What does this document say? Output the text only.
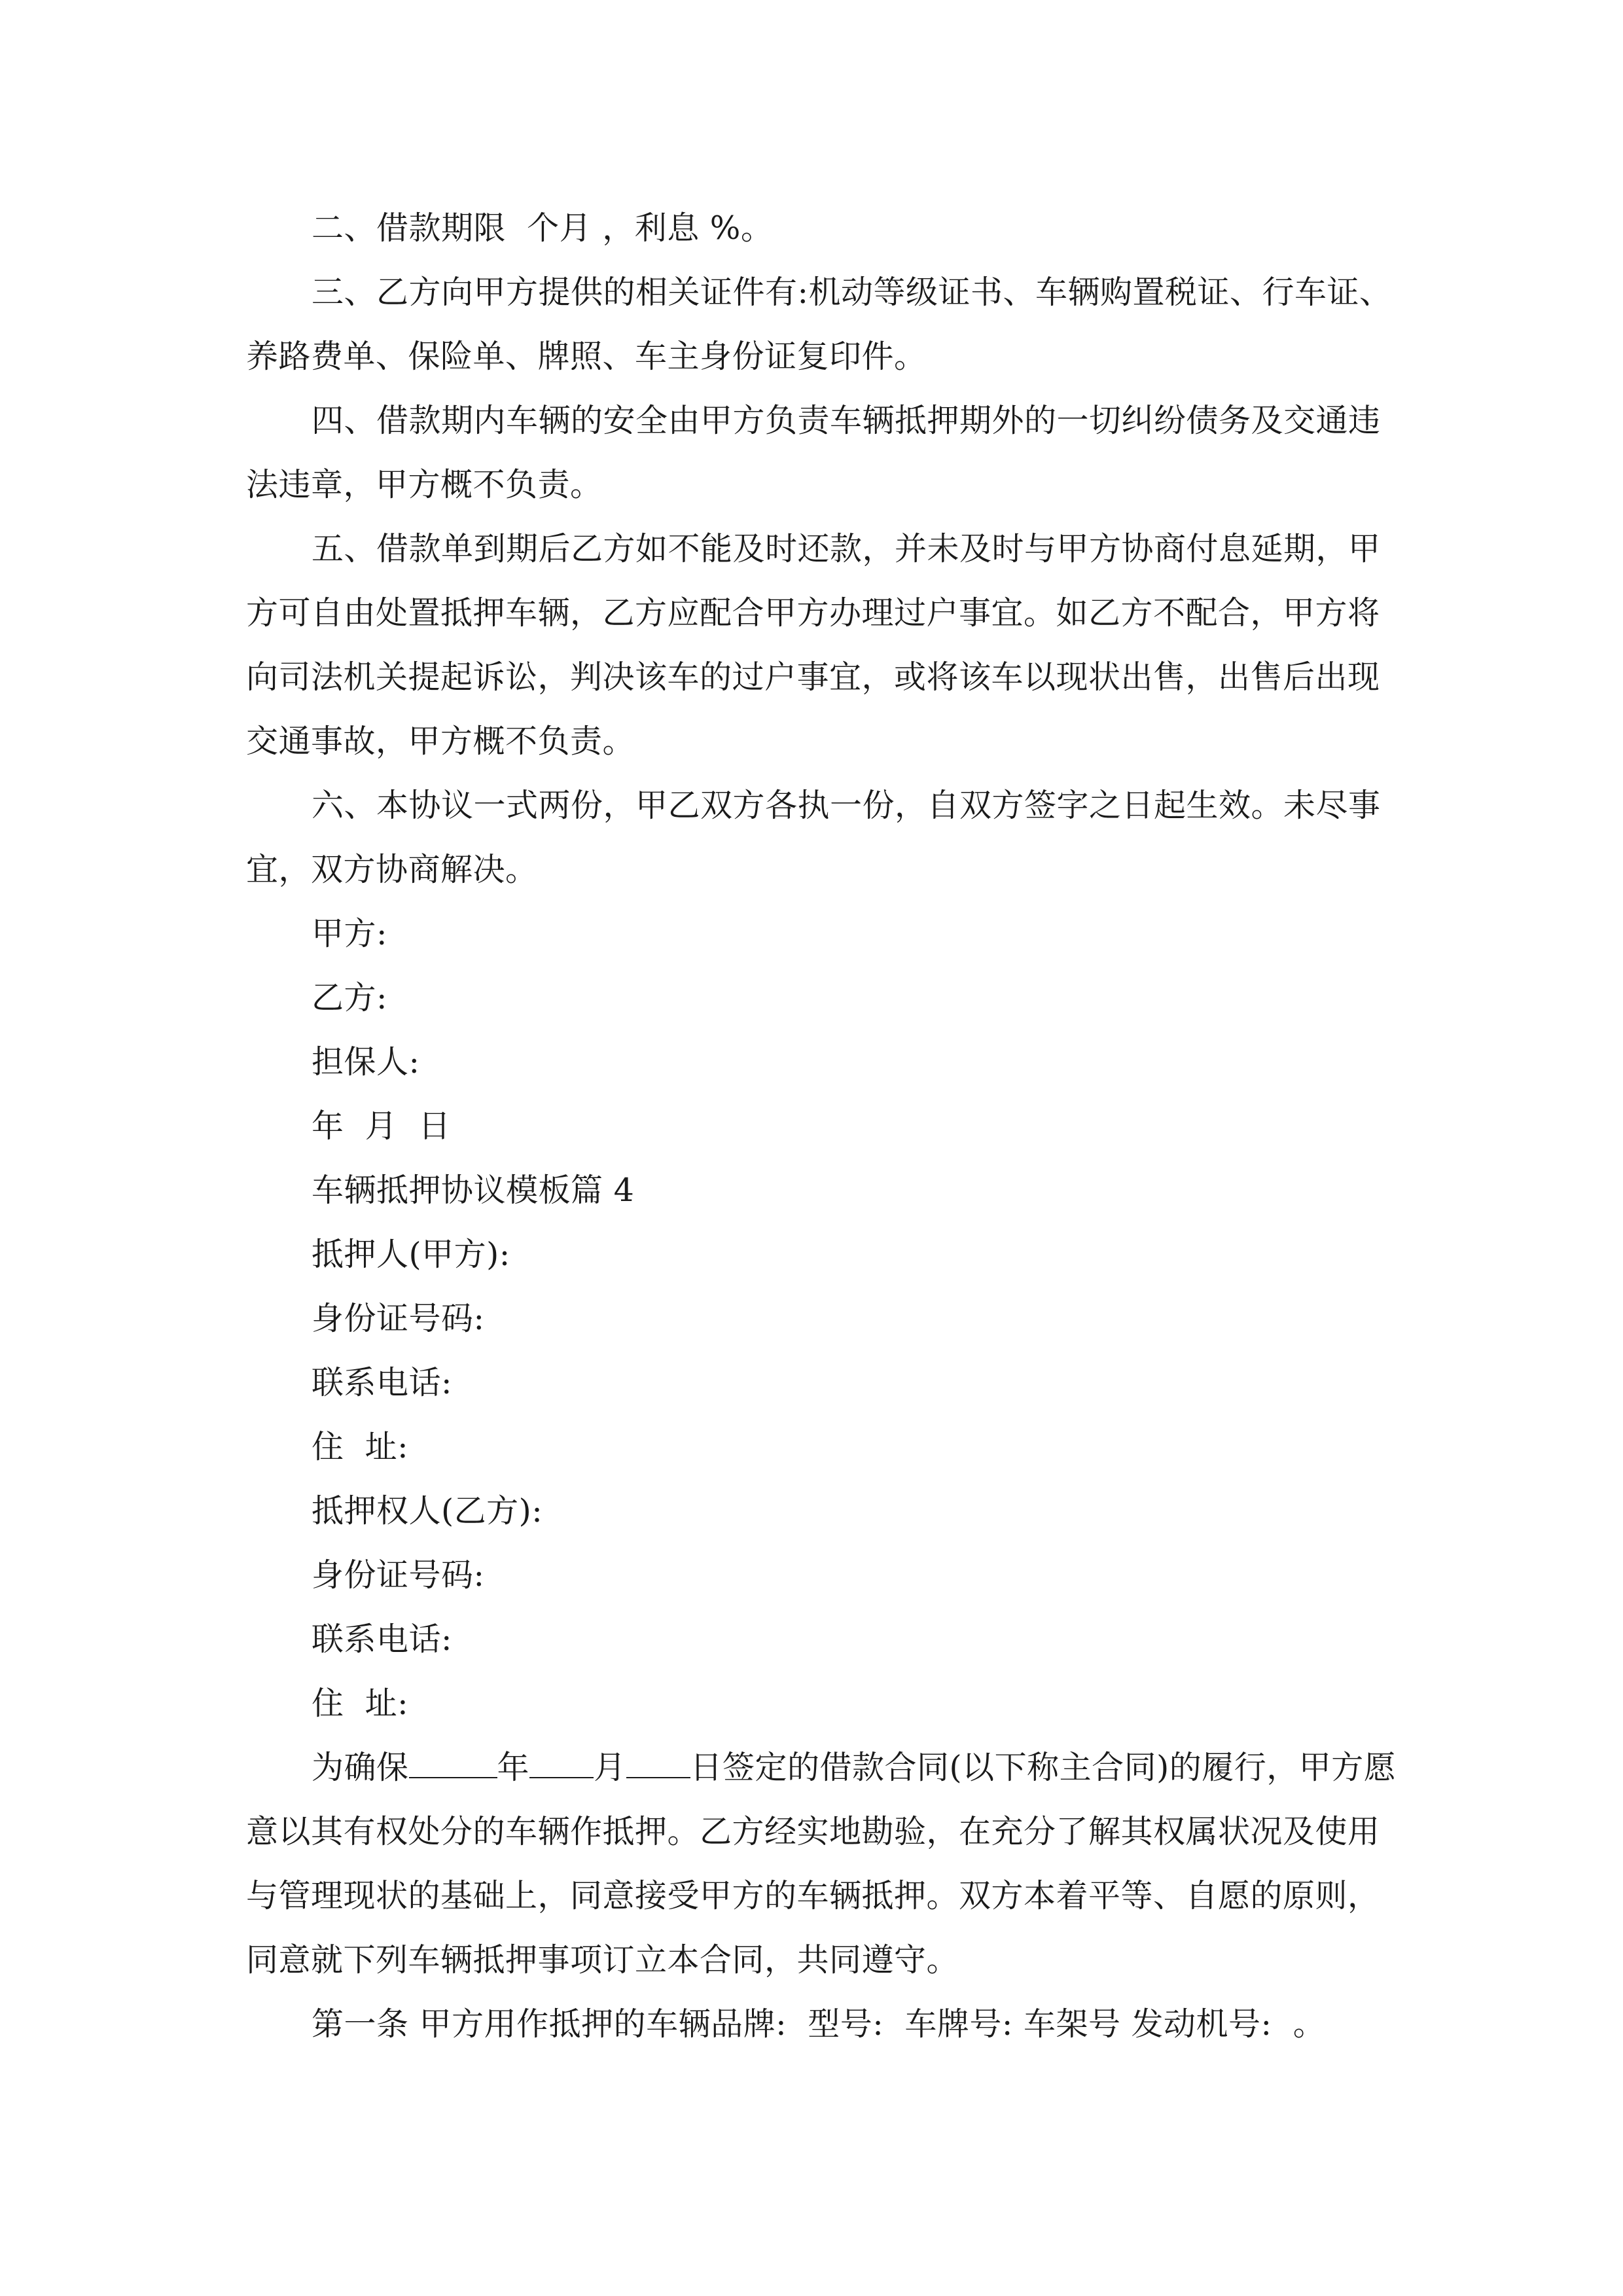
二、借款期限  个月 ，利息 %。

三、乙方向甲方提供的相关证件有:机动等级证书、车辆购置税证、行车证、养路费单、保险单、牌照、车主身份证复印件。

四、借款期内车辆的安全由甲方负责车辆抵押期外的一切纠纷债务及交通违法违章，甲方概不负责。

五、借款单到期后乙方如不能及时还款，并未及时与甲方协商付息延期，甲方可自由处置抵押车辆，乙方应配合甲方办理过户事宜。如乙方不配合，甲方将向司法机关提起诉讼，判决该车的过户事宜，或将该车以现状出售，出售后出现交通事故，甲方概不负责。

六、本协议一式两份，甲乙双方各执一份，自双方签字之日起生效。未尽事宜，双方协商解决。

甲方:

乙方:

担保人:

年  月  日

车辆抵押协议模板篇 4

抵押人(甲方):

身份证号码:

联系电话:

住  址:

抵押权人(乙方):

身份证号码:

联系电话:

住  址:

为确保	年 月 日签定的借款合同(以下称主合同)的履行，甲方愿意以其有权处分的车辆作抵押。乙方经实地勘验，在充分了解其权属状况及使用与管理现状的基础上，同意接受甲方的车辆抵押。双方本着平等、自愿的原则，同意就下列车辆抵押事项订立本合同，共同遵守。

第一条 甲方用作抵押的车辆品牌:  型号:  车牌号: 车架号 发动机号:  。
